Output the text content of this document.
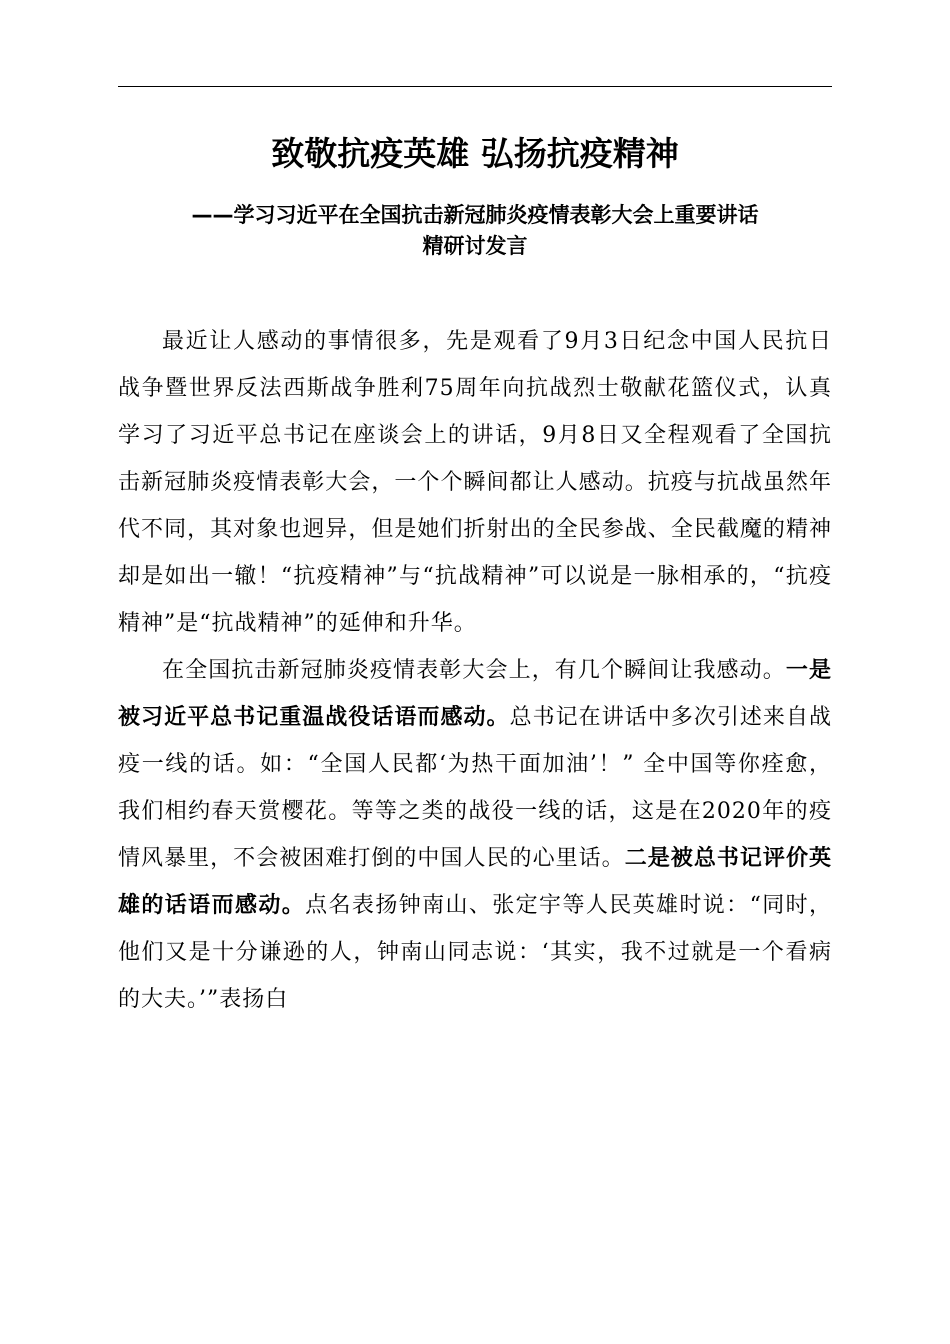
致敬抗疫英雄 弘扬抗疫精神
——学习习近平在全国抗击新冠肺炎疫情表彰大会上重要讲话
精研讨发言

最近让人感动的事情很多，先是观看了9月3日纪念中国人民抗日战争暨世界反法西斯战争胜利75周年向抗战烈士敬献花篮仪式，认真学习了习近平总书记在座谈会上的讲话，9月8日又全程观看了全国抗击新冠肺炎疫情表彰大会，一个个瞬间都让人感动。抗疫与抗战虽然年代不同，其对象也迥异，但是她们折射出的全民参战、全民截魔的精神却是如出一辙！“抗疫精神”与“抗战精神”可以说是一脉相承的，“抗疫精神”是“抗战精神”的延伸和升华。

在全国抗击新冠肺炎疫情表彰大会上，有几个瞬间让我感动。一是被习近平总书记重温战役话语而感动。总书记在讲话中多次引述来自战疫一线的话。如：“全国人民都‘为热干面加油’！” 全中国等你痊愈，我们相约春天赏樱花。等等之类的战役一线的话，这是在2020年的疫情风暴里，不会被困难打倒的中国人民的心里话。二是被总书记评价英雄的话语而感动。点名表扬钟南山、张定宇等人民英雄时说：“同时，他们又是十分谦逊的人，钟南山同志说：‘其实，我不过就是一个看病的大夫。’”表扬白
